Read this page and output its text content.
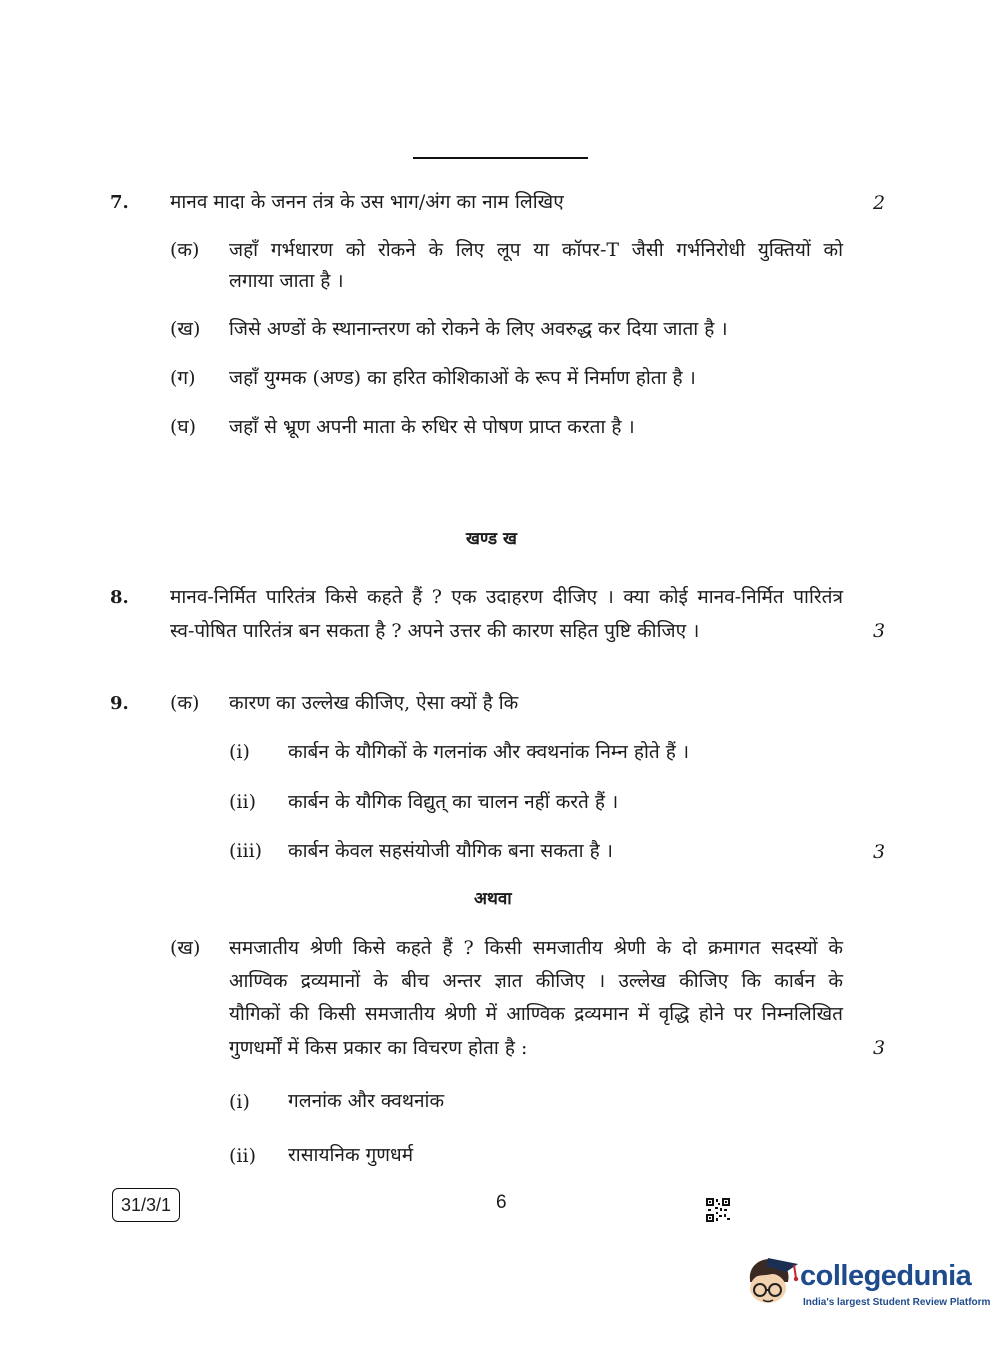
7. मानव मादा के जनन तंत्र के उस भाग/अंग का नाम लिखिए	2
(क) जहाँ गर्भधारण को रोकने के लिए लूप या कॉपर-T जैसी गर्भनिरोधी युक्तियों को
लगाया जाता है ।
(ख) जिसे अण्डों के स्थानान्तरण को रोकने के लिए अवरुद्ध कर दिया जाता है ।
(ग) जहाँ युग्मक (अण्ड) का हरित कोशिकाओं के रूप में निर्माण होता है ।
(घ) जहाँ से भ्रूण अपनी माता के रुधिर से पोषण प्राप्त करता है ।
खण्ड ख
8. मानव-निर्मित पारितंत्र किसे कहते हैं ? एक उदाहरण दीजिए । क्या कोई मानव-निर्मित पारितंत्र
स्व-पोषित पारितंत्र बन सकता है ? अपने उत्तर की कारण सहित पुष्टि कीजिए ।	3
9. (क) कारण का उल्लेख कीजिए, ऐसा क्यों है कि
(i) कार्बन के यौगिकों के गलनांक और क्वथनांक निम्न होते हैं ।
(ii) कार्बन के यौगिक विद्युत् का चालन नहीं करते हैं ।
(iii) कार्बन केवल सहसंयोजी यौगिक बना सकता है ।	3
अथवा
(ख) समजातीय श्रेणी किसे कहते हैं ? किसी समजातीय श्रेणी के दो क्रमागत सदस्यों के
आण्विक द्रव्यमानों के बीच अन्तर ज्ञात कीजिए । उल्लेख कीजिए कि कार्बन के
यौगिकों की किसी समजातीय श्रेणी में आण्विक द्रव्यमान में वृद्धि होने पर निम्नलिखित
गुणधर्मों में किस प्रकार का विचरण होता है :	3
(i) गलनांक और क्वथनांक
(ii) रासायनिक गुणधर्म
31/3/1	6
collegedunia
India's largest Student Review Platform
